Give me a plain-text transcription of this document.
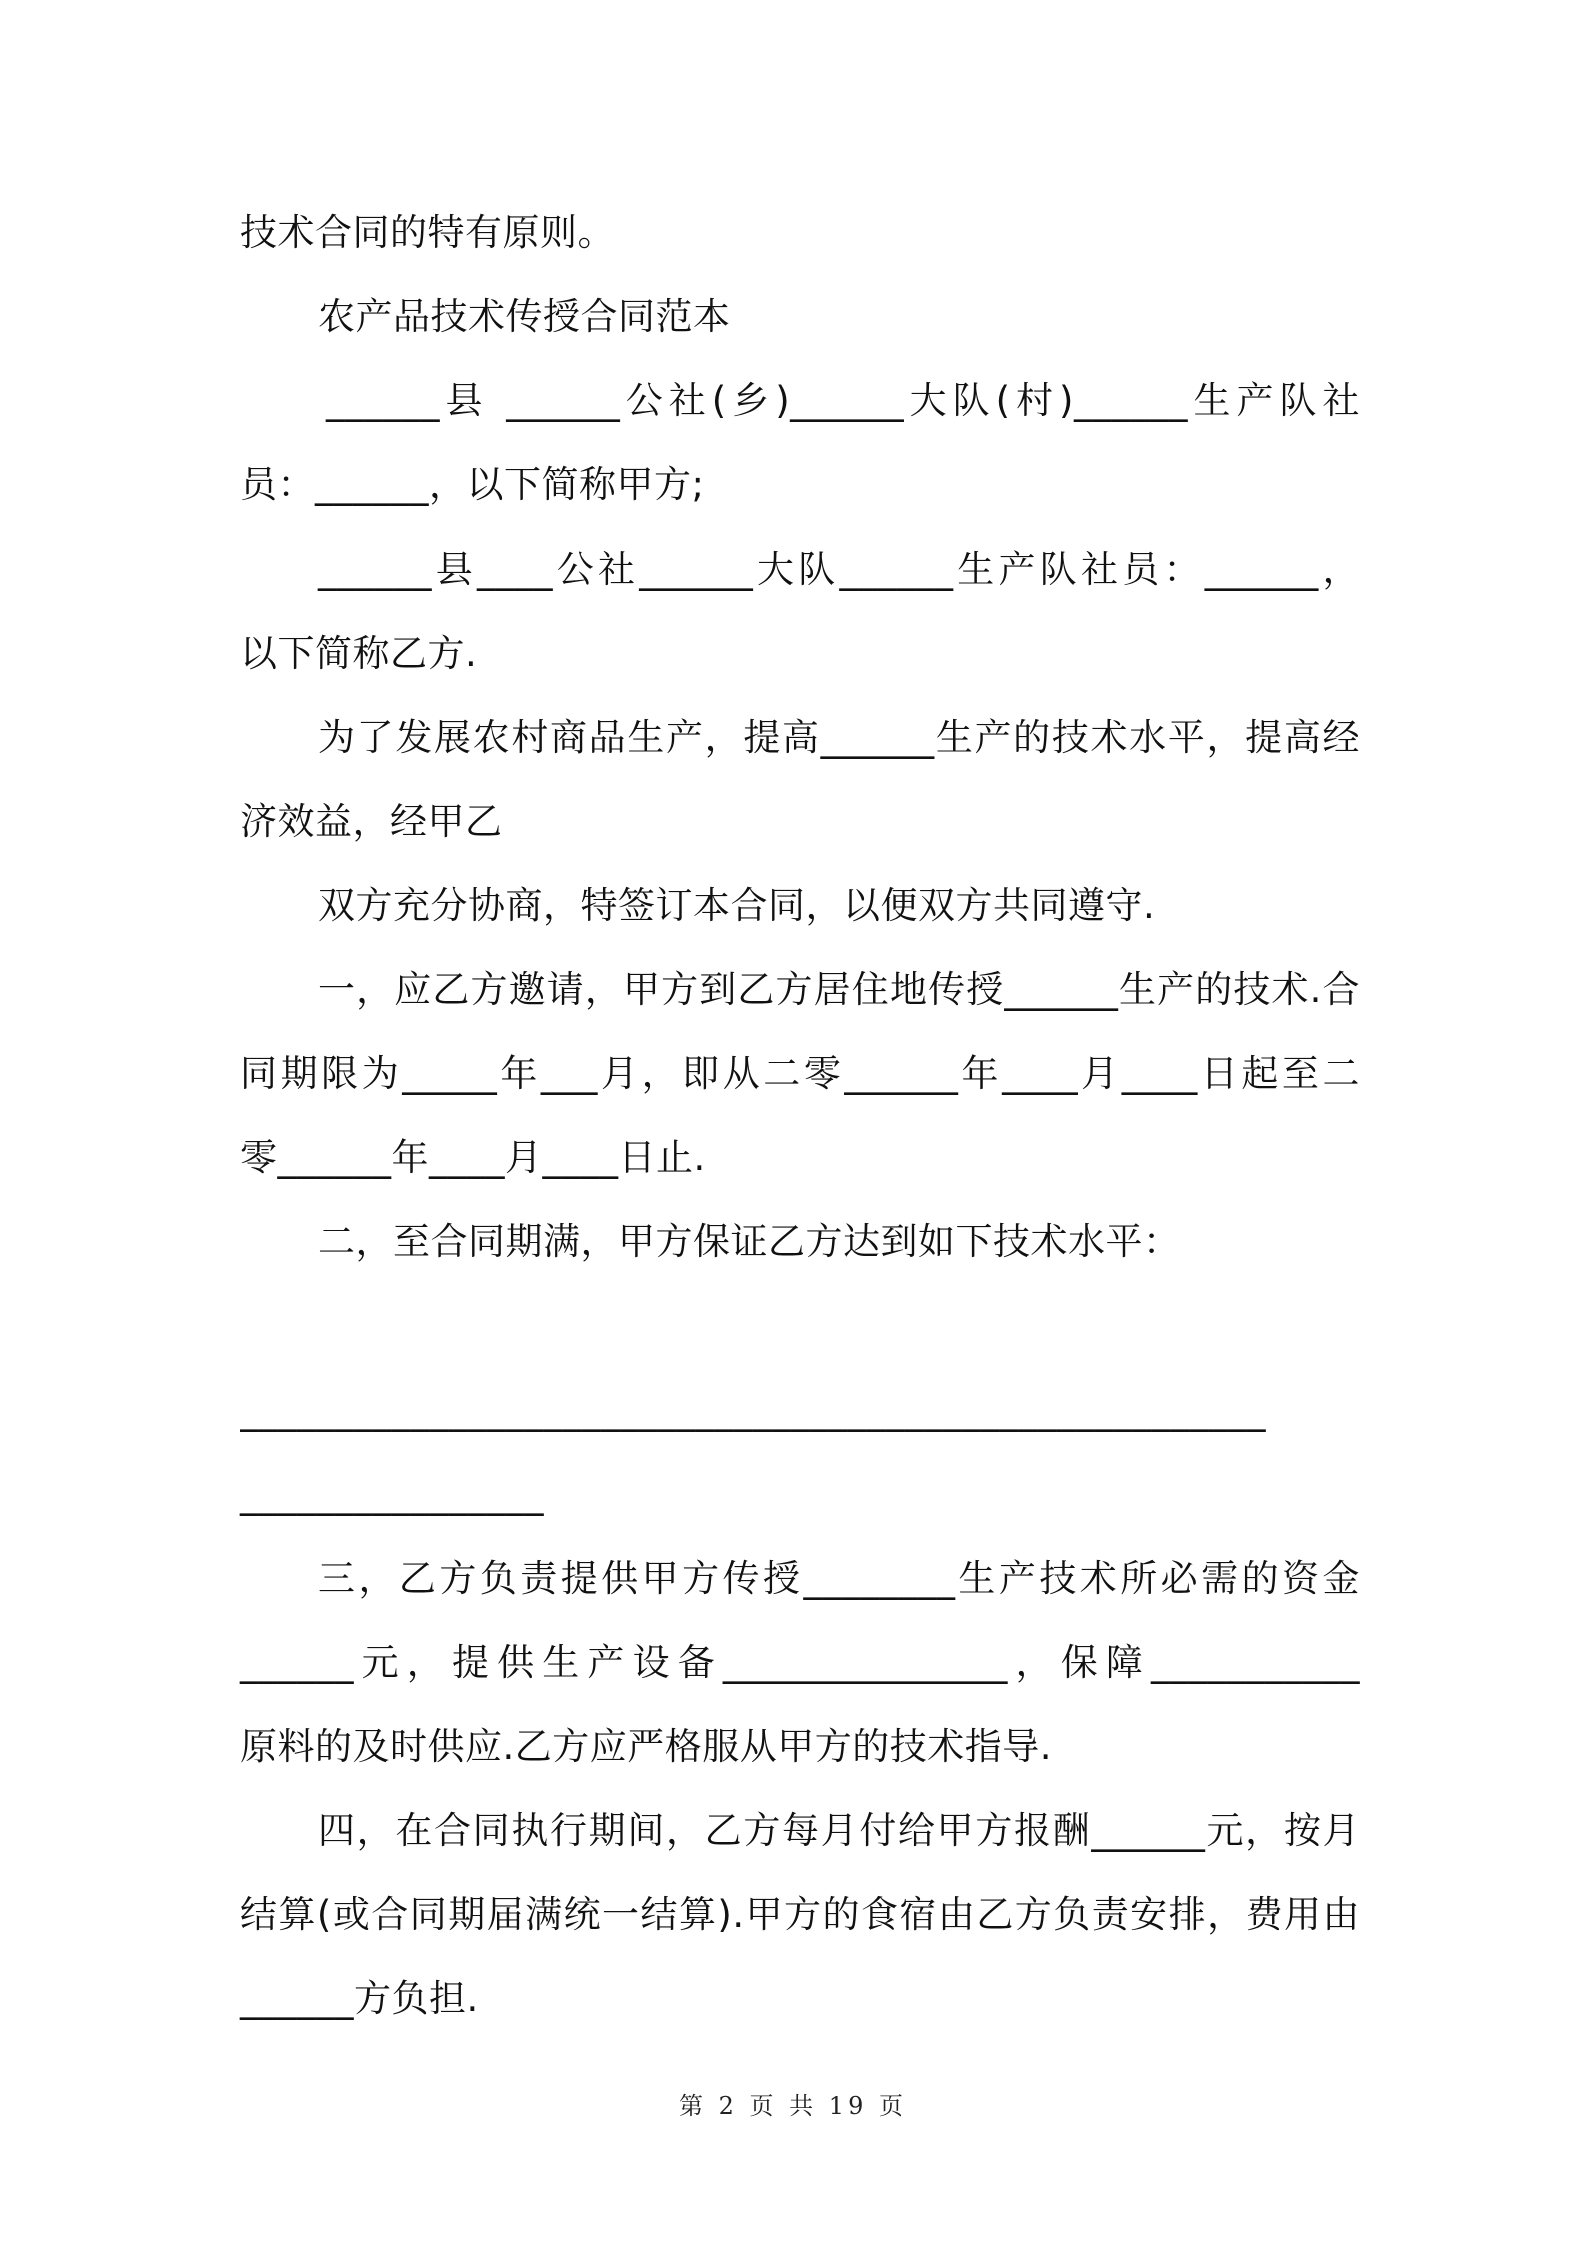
技术合同的特有原则。
农产品技术传授合同范本
______县 ______公社(乡)______大队(村)______生产队社
员：______，以下简称甲方;
______县____公社______大队______生产队社员：______，
以下简称乙方.
为了发展农村商品生产，提高______生产的技术水平，提高经
济效益，经甲乙
双方充分协商，特签订本合同，以便双方共同遵守.
一，应乙方邀请，甲方到乙方居住地传授______生产的技术.合
同期限为_____年___月，即从二零______年____月____日起至二
零______年____月____日止.
二，至合同期满，甲方保证乙方达到如下技术水平：
______________________________________________________
________________
三，乙方负责提供甲方传授________生产技术所必需的资金
______元，提供生产设备_______________，保障___________
原料的及时供应.乙方应严格服从甲方的技术指导.
四，在合同执行期间，乙方每月付给甲方报酬______元，按月
结算(或合同期届满统一结算).甲方的食宿由乙方负责安排，费用由
______方负担.
第 2 页 共 19 页
